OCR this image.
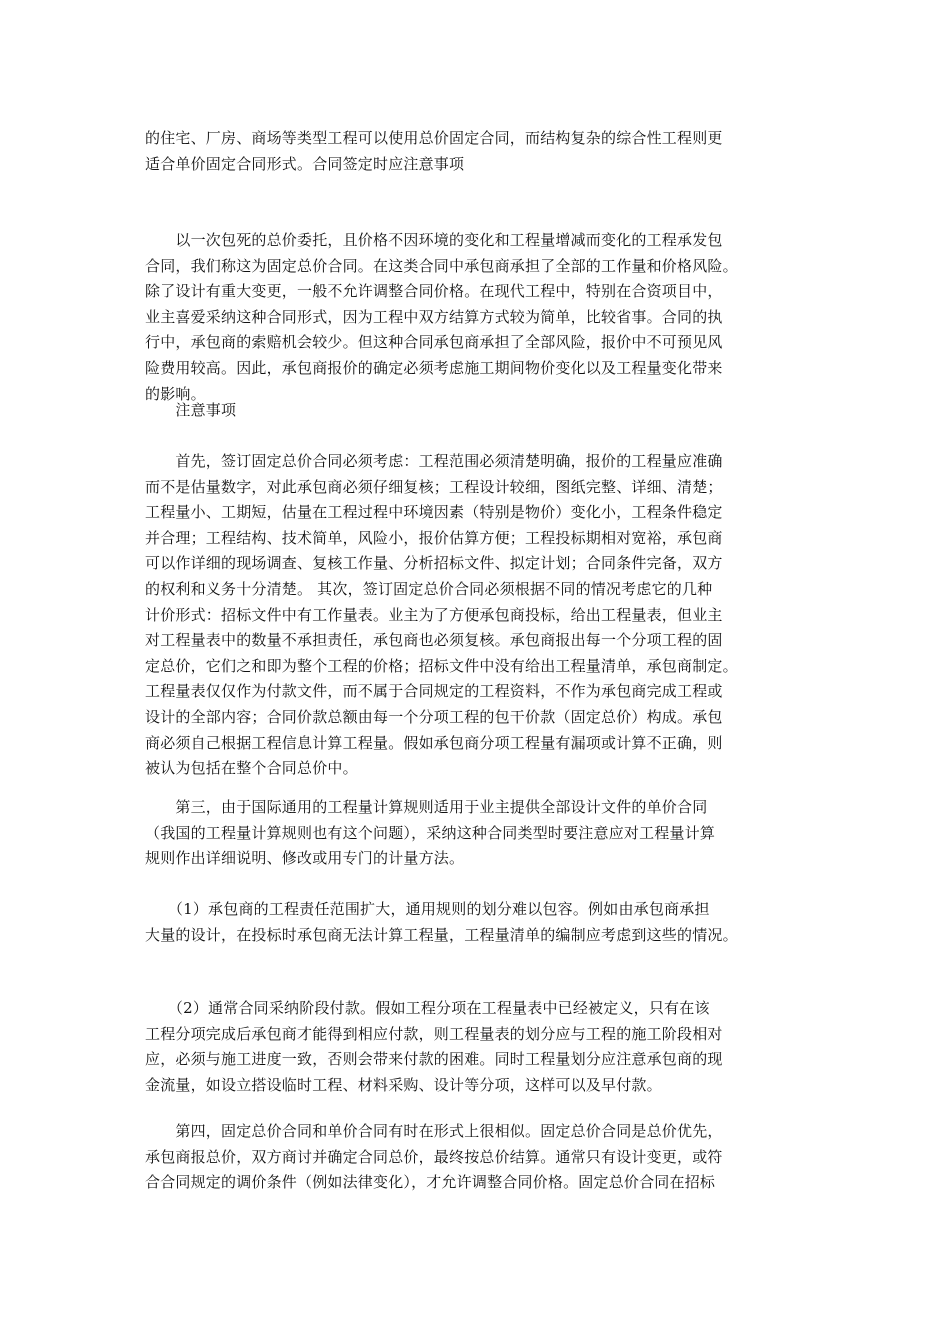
的住宅、厂房、商场等类型工程可以使用总价固定合同，而结构复杂的综合性工程则更
适合单价固定合同形式。合同签定时应注意事项

　　以一次包死的总价委托，且价格不因环境的变化和工程量增减而变化的工程承发包
合同，我们称这为固定总价合同。在这类合同中承包商承担了全部的工作量和价格风险。
除了设计有重大变更，一般不允许调整合同价格。在现代工程中，特别在合资项目中，
业主喜爱采纳这种合同形式，因为工程中双方结算方式较为简单，比较省事。合同的执
行中，承包商的索赔机会较少。但这种合同承包商承担了全部风险，报价中不可预见风
险费用较高。因此，承包商报价的确定必须考虑施工期间物价变化以及工程量变化带来
的影响。

　　注意事项

　　首先，签订固定总价合同必须考虑：工程范围必须清楚明确，报价的工程量应准确
而不是估量数字，对此承包商必须仔细复核；工程设计较细，图纸完整、详细、清楚；
工程量小、工期短，估量在工程过程中环境因素（特别是物价）变化小，工程条件稳定
并合理；工程结构、技术简单，风险小，报价估算方便；工程投标期相对宽裕，承包商
可以作详细的现场调查、复核工作量、分析招标文件、拟定计划；合同条件完备，双方
的权利和义务十分清楚。 其次，签订固定总价合同必须根据不同的情况考虑它的几种
计价形式：招标文件中有工作量表。业主为了方便承包商投标，给出工程量表，但业主
对工程量表中的数量不承担责任，承包商也必须复核。承包商报出每一个分项工程的固
定总价，它们之和即为整个工程的价格；招标文件中没有给出工程量清单，承包商制定。
工程量表仅仅作为付款文件，而不属于合同规定的工程资料，不作为承包商完成工程或
设计的全部内容；合同价款总额由每一个分项工程的包干价款（固定总价）构成。承包
商必须自己根据工程信息计算工程量。假如承包商分项工程量有漏项或计算不正确，则
被认为包括在整个合同总价中。

　　第三，由于国际通用的工程量计算规则适用于业主提供全部设计文件的单价合同
（我国的工程量计算规则也有这个问题），采纳这种合同类型时要注意应对工程量计算
规则作出详细说明、修改或用专门的计量方法。

　　（1）承包商的工程责任范围扩大，通用规则的划分难以包容。例如由承包商承担
大量的设计，在投标时承包商无法计算工程量，工程量清单的编制应考虑到这些的情况。

　　（2）通常合同采纳阶段付款。假如工程分项在工程量表中已经被定义，只有在该
工程分项完成后承包商才能得到相应付款，则工程量表的划分应与工程的施工阶段相对
应，必须与施工进度一致，否则会带来付款的困难。同时工程量划分应注意承包商的现
金流量，如设立搭设临时工程、材料采购、设计等分项，这样可以及早付款。

　　第四，固定总价合同和单价合同有时在形式上很相似。固定总价合同是总价优先，
承包商报总价，双方商讨并确定合同总价，最终按总价结算。通常只有设计变更，或符
合合同规定的调价条件（例如法律变化），才允许调整合同价格。固定总价合同在招标
